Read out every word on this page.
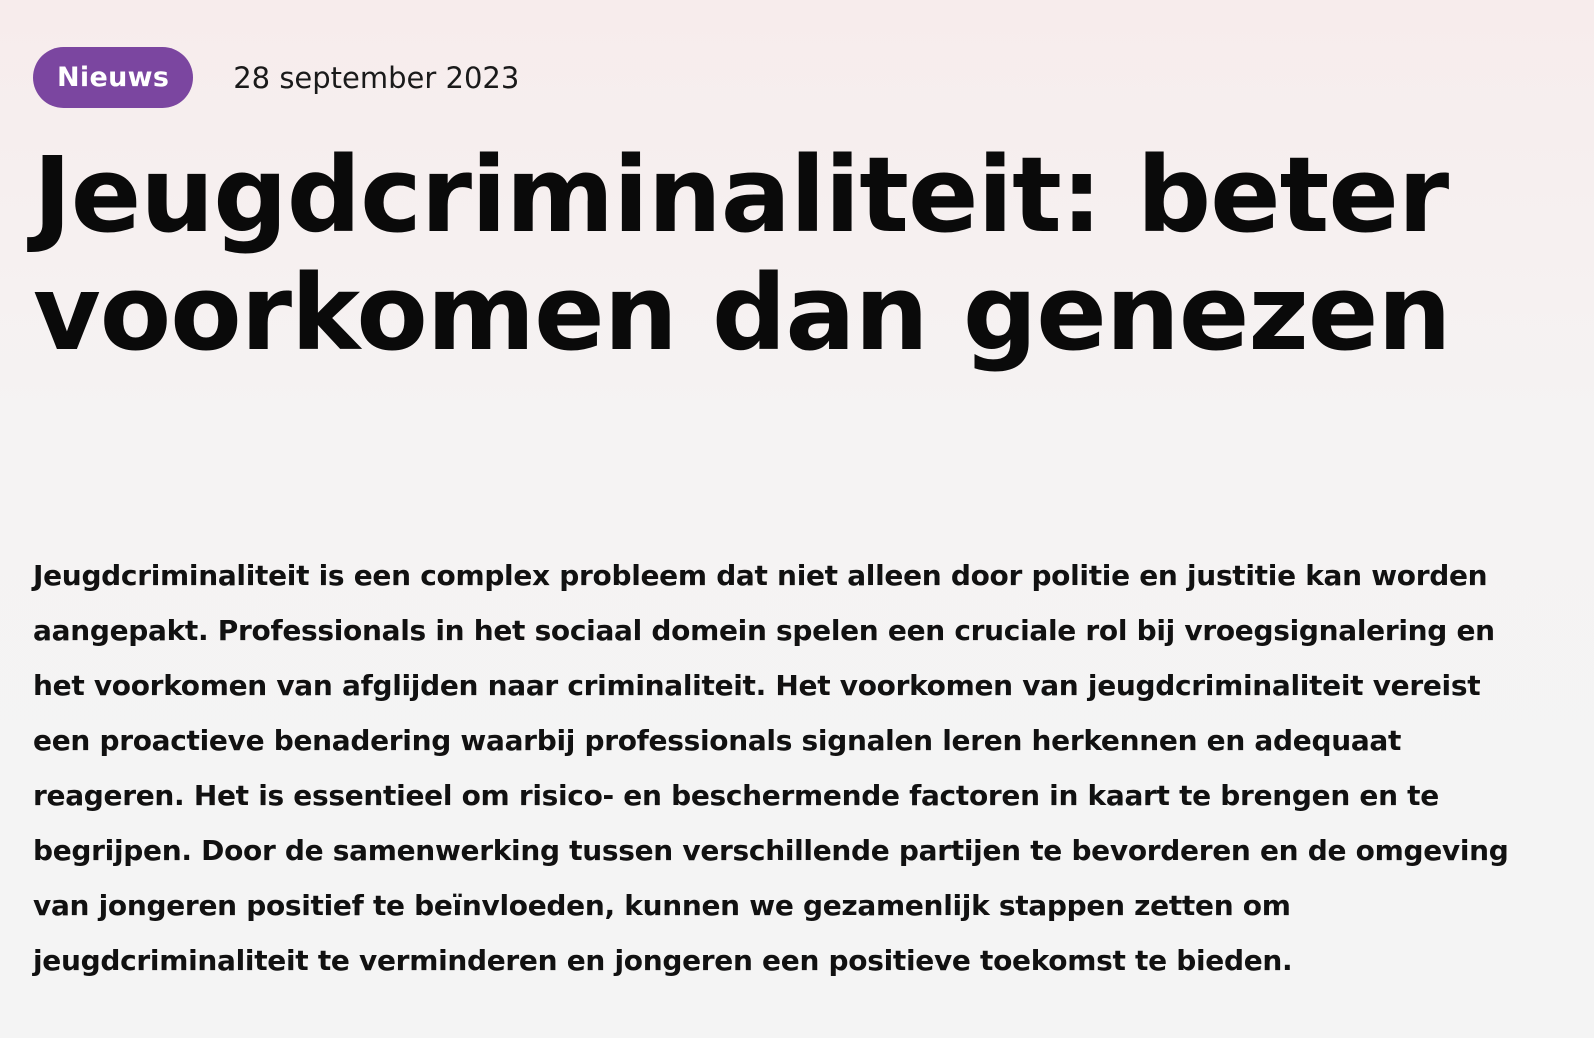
Nieuws	28 september 2023
Jeugdcriminaliteit: beter voorkomen dan genezen

Jeugdcriminaliteit is een complex probleem dat niet alleen door politie en justitie kan worden aangepakt. Professionals in het sociaal domein spelen een cruciale rol bij vroegsignalering en het voorkomen van afglijden naar criminaliteit. Het voorkomen van jeugdcriminaliteit vereist een proactieve benadering waarbij professionals signalen leren herkennen en adequaat reageren. Het is essentieel om risico- en beschermende factoren in kaart te brengen en te begrijpen. Door de samenwerking tussen verschillende partijen te bevorderen en de omgeving van jongeren positief te beïnvloeden, kunnen we gezamenlijk stappen zetten om jeugdcriminaliteit te verminderen en jongeren een positieve toekomst te bieden.
